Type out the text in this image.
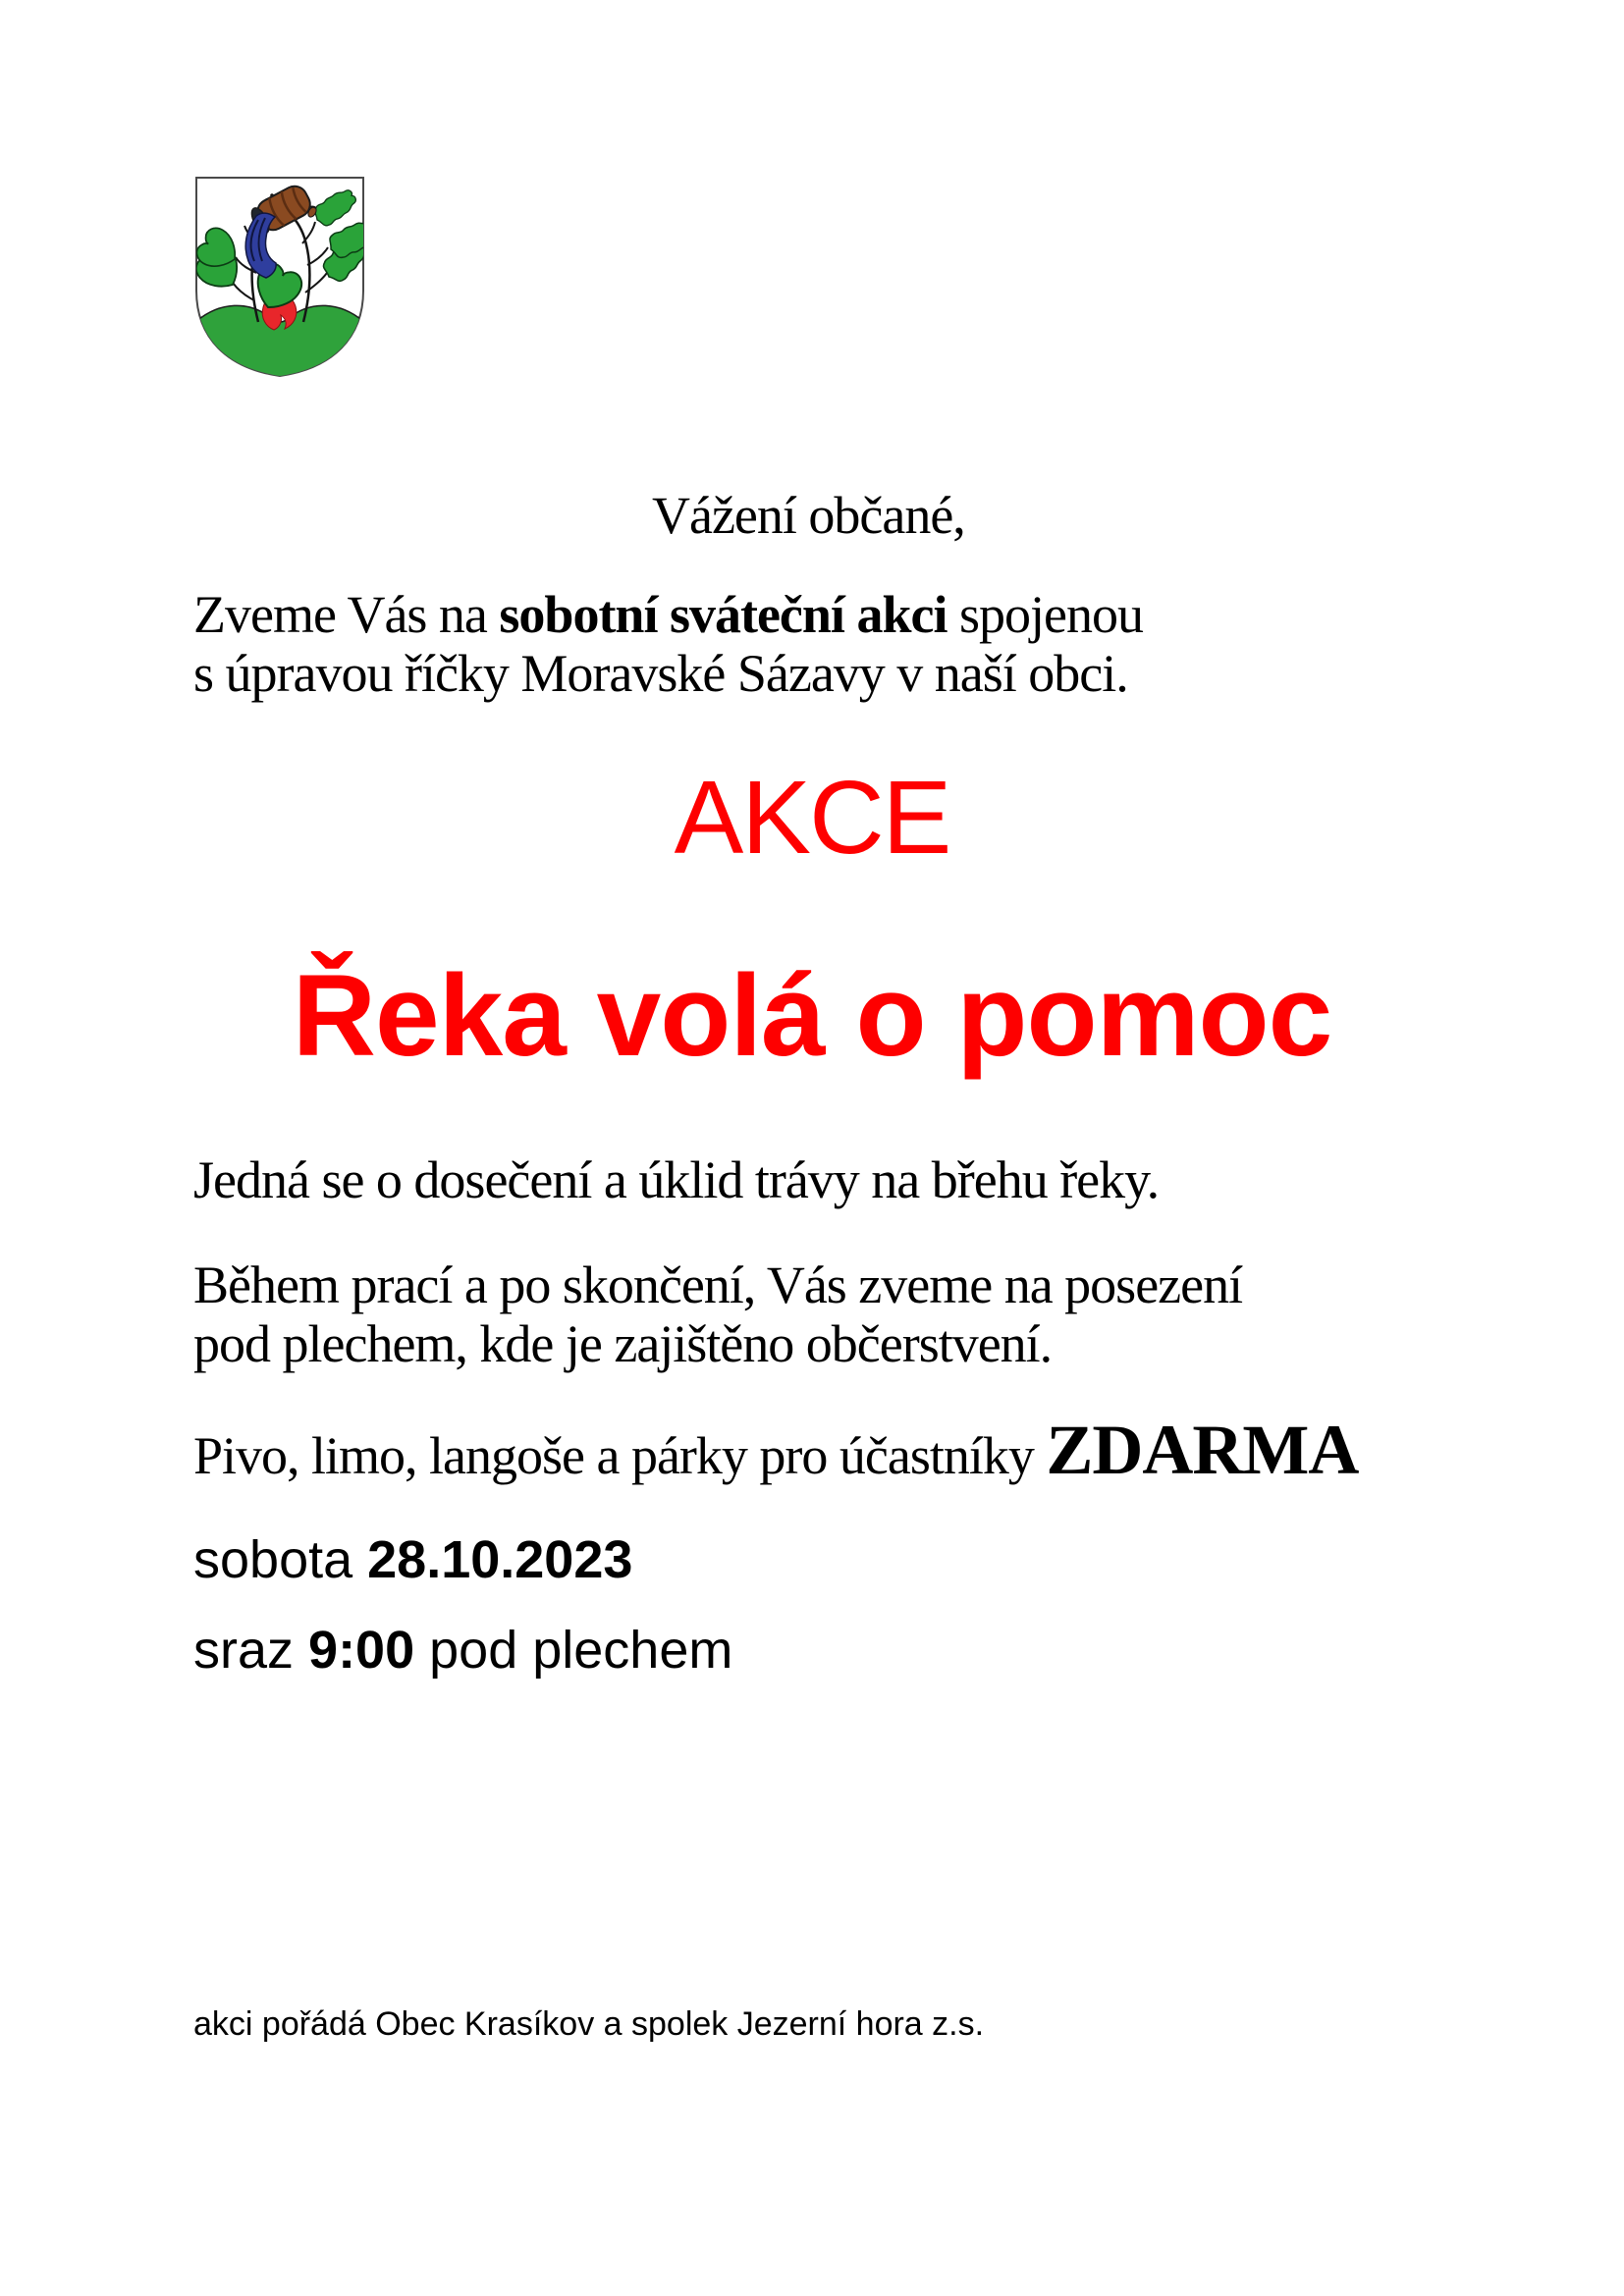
Vážení občané,
Zveme Vás na sobotní sváteční akci spojenou
s úpravou říčky Moravské Sázavy v naší obci.
AKCE
Řeka volá o pomoc
Jedná se o dosečení a úklid trávy na břehu řeky.
Během prací a po skončení, Vás zveme na posezení
pod plechem, kde je zajištěno občerstvení.
Pivo, limo, langoše a párky pro účastníky ZDARMA
sobota 28.10.2023
sraz 9:00 pod plechem
akci pořádá Obec Krasíkov a spolek Jezerní hora z.s.
